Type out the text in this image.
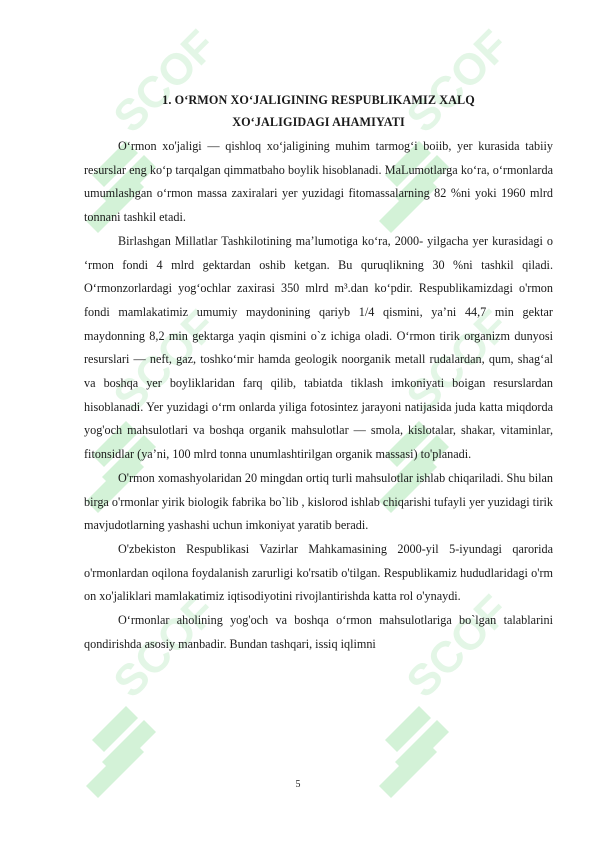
1. O‘RMON XO‘JALIGINING RESPUBLIKAMIZ XALQ
XO‘JALIGIDAGI AHAMIYATI

O‘rmon xo'jaligi — qishloq xo‘jaligining muhim tarmog‘i boiib, yer kurasida tabiiy resurslar eng ko‘p tarqalgan qimmatbaho boylik hisoblanadi. MaLumotlarga ko‘ra, o‘rmonlarda umumlashgan o‘rmon massa zaxiralari yer yuzidagi fitomassalarning 82 %ni yoki 1960 mlrd tonnani tashkil etadi.

Birlashgan Millatlar Tashkilotining ma’lumotiga ko‘ra, 2000- yilgacha yer kurasidagi o ‘rmon fondi 4 mlrd gektardan oshib ketgan. Bu quruqlikning 30 %ni tashkil qiladi. O‘rmonzorlardagi yog‘ochlar zaxirasi 350 mlrd m³.dan ko‘pdir. Respublikamizdagi o'rmon fondi mamlakatimiz umumiy maydonining qariyb 1/4 qismini, ya’ni 44,7 min gektar maydonning 8,2 min gektarga yaqin qismini o`z ichiga oladi. O‘rmon tirik organizm dunyosi resurslari — neft, gaz, toshko‘mir hamda geologik noorganik metall rudalardan, qum, shag‘al va boshqa yer boyliklaridan farq qilib, tabiatda tiklash imkoniyati boigan resurslardan hisoblanadi. Yer yuzidagi o‘rm onlarda yiliga fotosintez jarayoni natijasida juda katta miqdorda yog'och mahsulotlari va boshqa organik mahsulotlar — smola, kislotalar, shakar, vitaminlar, fitonsidlar (ya’ni, 100 mlrd tonna unumlashtirilgan organik massasi) to'planadi.

O'rmon xomashyolaridan 20 mingdan ortiq turli mahsulotlar ishlab chiqariladi. Shu bilan birga o'rmonlar yirik biologik fabrika bo`lib , kislorod ishlab chiqarishi tufayli yer yuzidagi tirik mavjudotlarning yashashi uchun imkoniyat yaratib beradi.

O'zbekiston Respublikasi Vazirlar Mahkamasining 2000-yil 5-iyundagi qarorida o'rmonlardan oqilona foydalanish zarurligi ko'rsatib o'tilgan. Respublikamiz hududlaridagi o'rm on xo'jaliklari mamlakatimiz iqtisodiyotini rivojlantirishda katta rol o'ynaydi.

O‘rmonlar aholining yog'och va boshqa o‘rmon mahsulotlariga bo`lgan talablarini qondirishda asosiy manbadir. Bundan tashqari, issiq iqlimni

5
